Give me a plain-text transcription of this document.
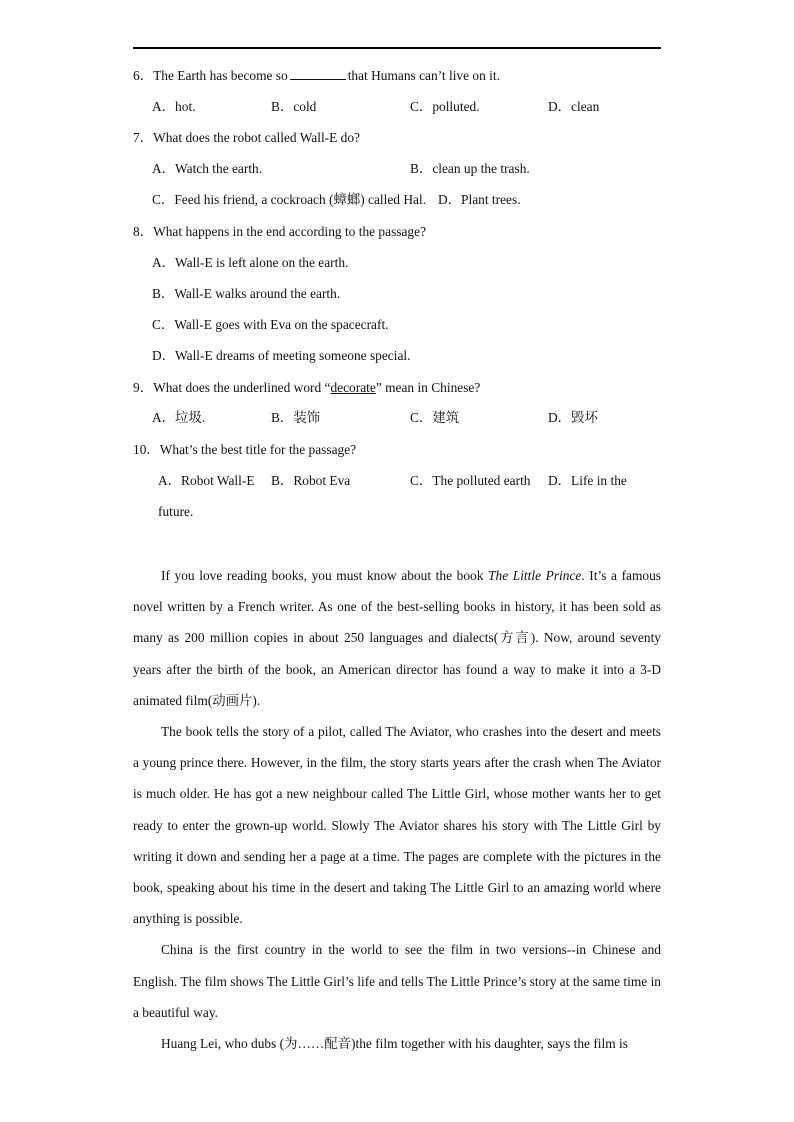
6．The Earth has become so	that Humans can’t live on it.
A．hot.	B．cold	C．polluted.	D．clean
7．What does the robot called Wall-E do?
A．Watch the earth.	B．clean up the trash.
C．Feed his friend, a cockroach (蟑螂) called Hal. D．Plant trees.
8．What happens in the end according to the passage?
A．Wall-E is left alone on the earth.
B．Wall-E walks around the earth.
C．Wall-E goes with Eva on the spacecraft.
D．Wall-E dreams of meeting someone special.
9．What does the underlined word “decorate” mean in Chinese?
A．垃圾.	B．装饰	C．建筑	D．毁坏
10．What’s the best title for the passage?
A．Robot Wall-E B．Robot Eva	C．The polluted earth D．Life in the
future.

If you love reading books, you must know about the book The Little Prince. It’s a famous novel written by a French writer. As one of the best-selling books in history, it has been sold as many as 200 million copies in about 250 languages and dialects(方言). Now, around seventy years after the birth of the book, an American director has found a way to make it into a 3-D animated film(动画片).

The book tells the story of a pilot, called The Aviator, who crashes into the desert and meets a young prince there. However, in the film, the story starts years after the crash when The Aviator is much older. He has got a new neighbour called The Little Girl, whose mother wants her to get ready to enter the grown-up world. Slowly The Aviator shares his story with The Little Girl by writing it down and sending her a page at a time. The pages are complete with the pictures in the book, speaking about his time in the desert and taking The Little Girl to an amazing world where anything is possible.

China is the first country in the world to see the film in two versions--in Chinese and English. The film shows The Little Girl’s life and tells The Little Prince’s story at the same time in a beautiful way.

Huang Lei, who dubs (为……配音)the film together with his daughter, says the film is
